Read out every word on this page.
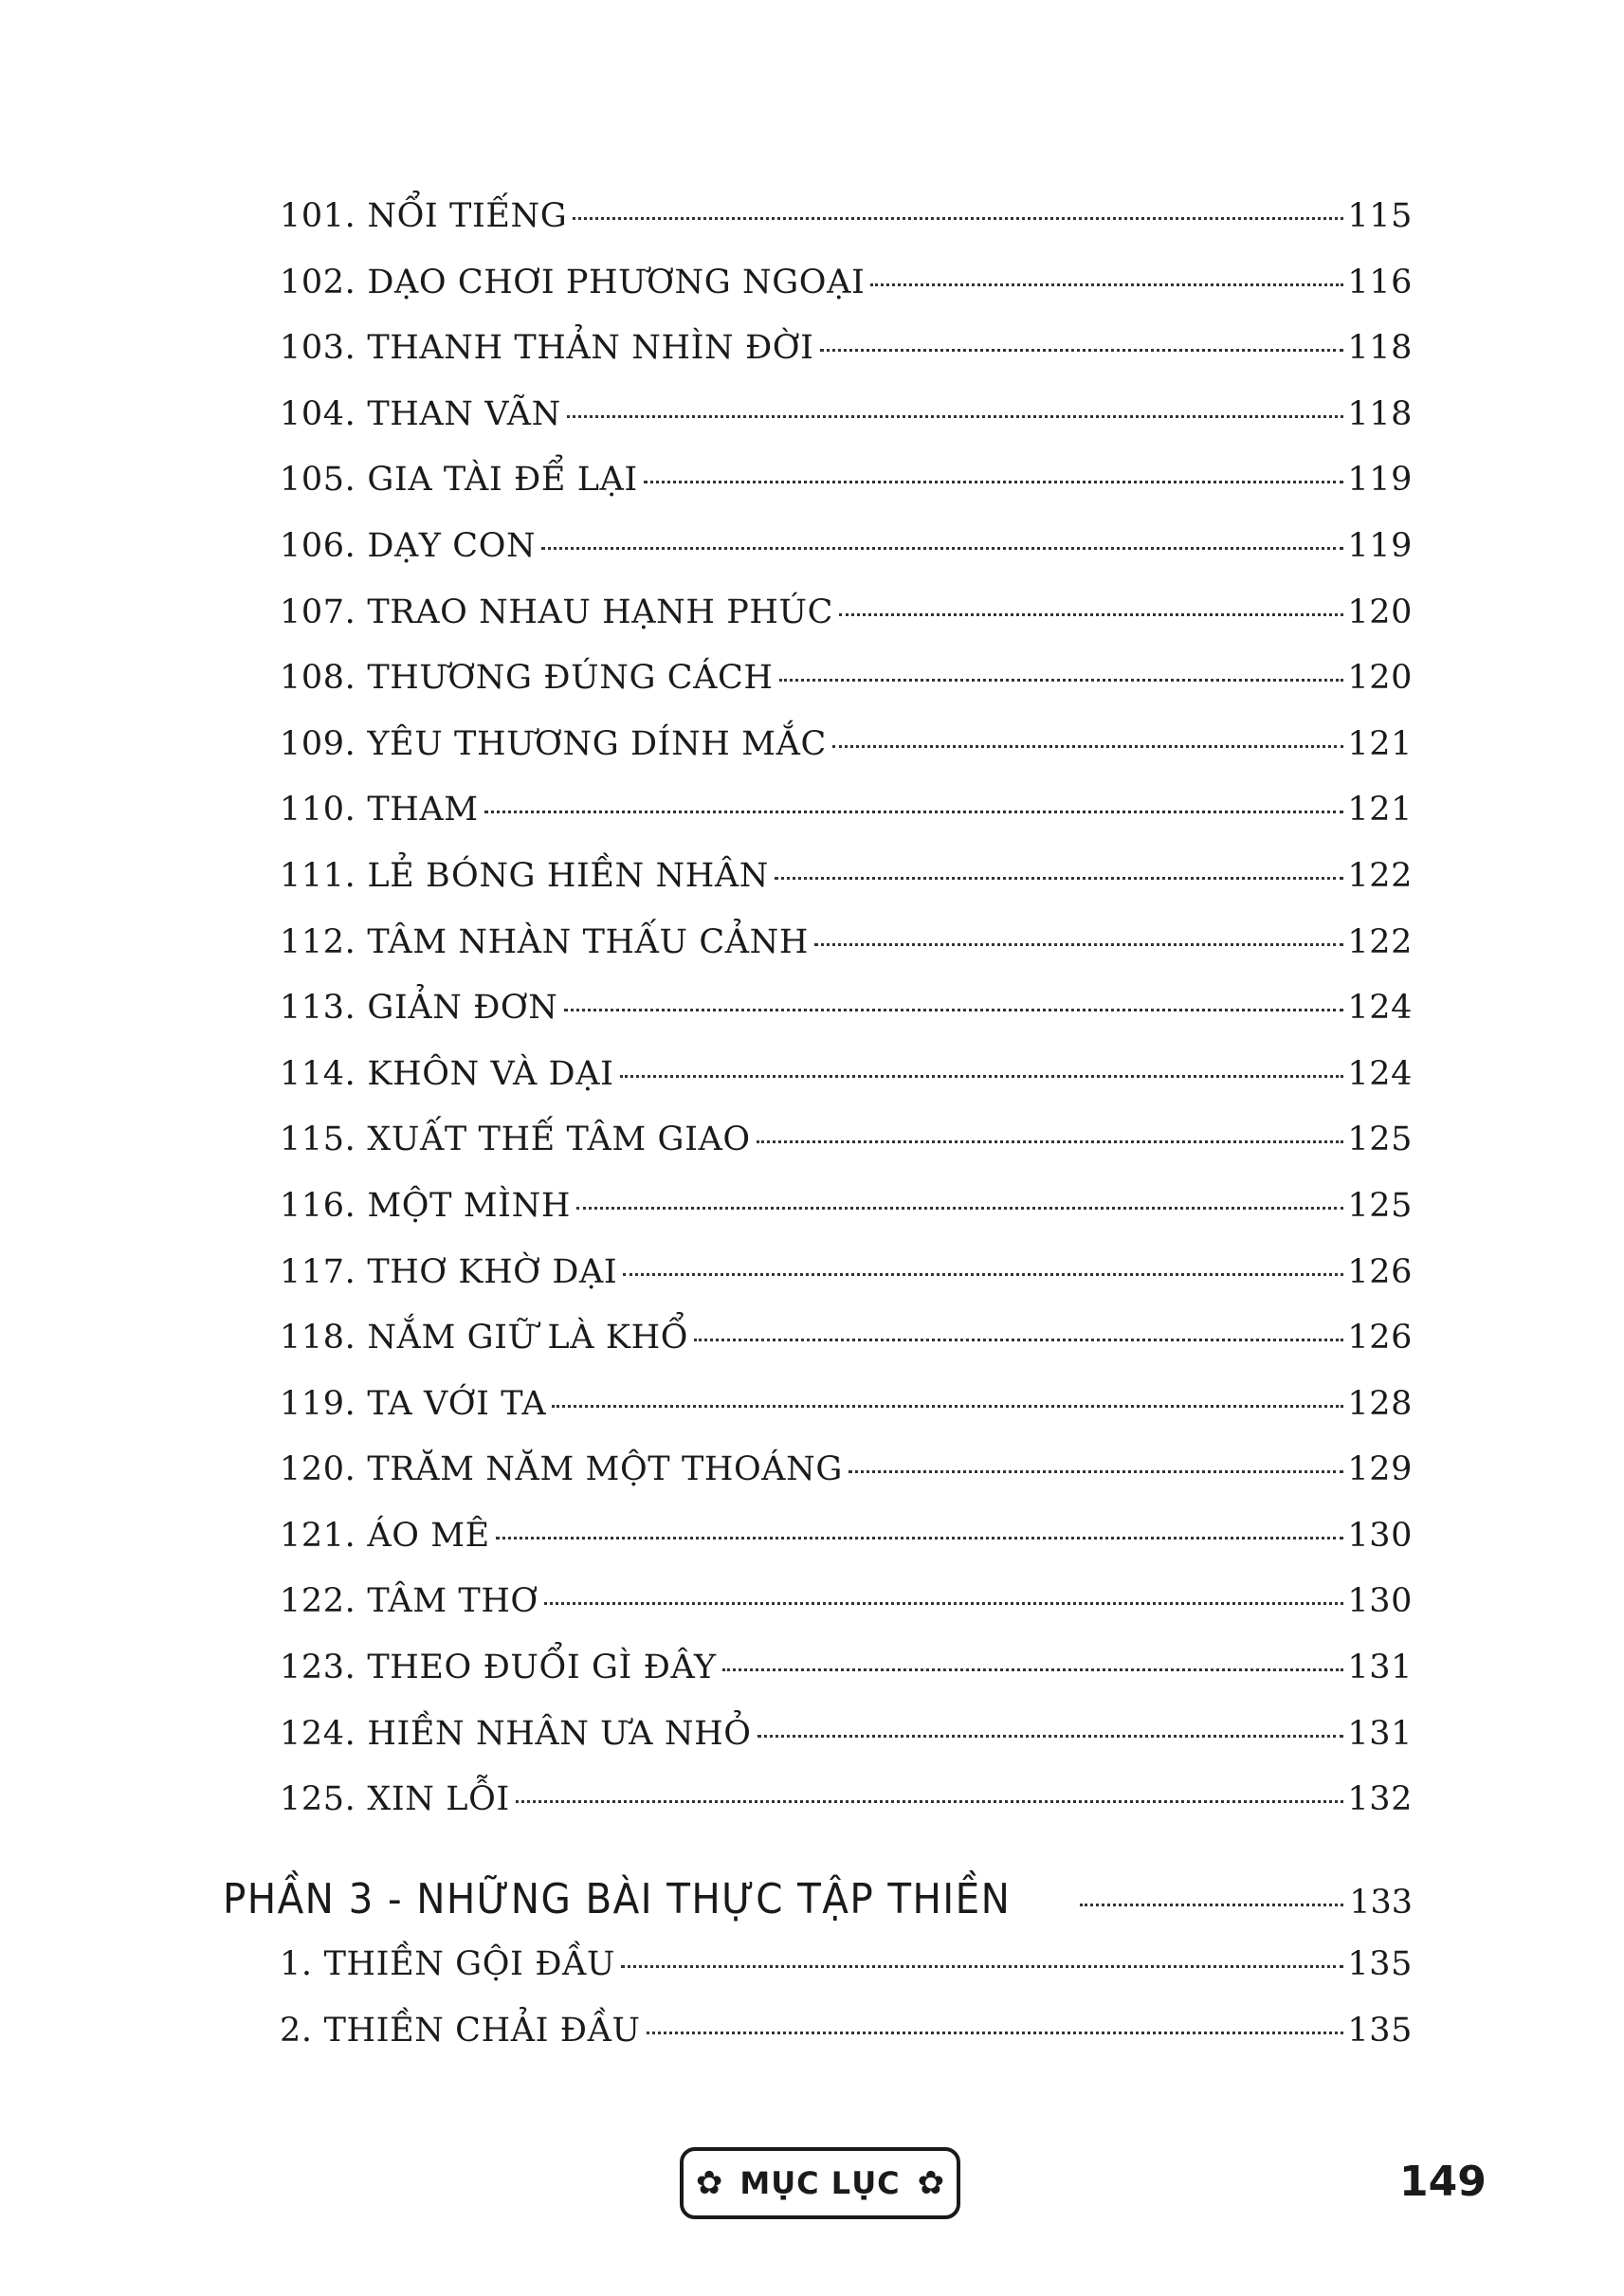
101. NỔI TIẾNG	115
102. DẠO CHƠI PHƯƠNG NGOẠI	116
103. THANH THẢN NHÌN ĐỜI	118
104. THAN VÃN	118
105. GIA TÀI ĐỂ LẠI	119
106. DẠY CON	119
107. TRAO NHAU HẠNH PHÚC	120
108. THƯƠNG ĐÚNG CÁCH	120
109. YÊU THƯƠNG DÍNH MẮC	121
110. THAM	121
111. LẺ BÓNG HIỀN NHÂN	122
112. TÂM NHÀN THẤU CẢNH	122
113. GIẢN ĐƠN	124
114. KHÔN VÀ DẠI	124
115. XUẤT THẾ TÂM GIAO	125
116. MỘT MÌNH	125
117. THƠ KHỜ DẠI	126
118. NẮM GIỮ LÀ KHỔ	126
119. TA VỚI TA	128
120. TRĂM NĂM MỘT THOÁNG	129
121. ÁO MÊ	130
122. TÂM THƠ	130
123. THEO ĐUỔI GÌ ĐÂY	131
124. HIỀN NHÂN ƯA NHỎ	131
125. XIN LỖI	132
PHẦN 3 - NHỮNG BÀI THỰC TẬP THIỀN	133
1. THIỀN GỘI ĐẦU	135
2. THIỀN CHẢI ĐẦU	135
✿ MỤC LỤC ✿	149
